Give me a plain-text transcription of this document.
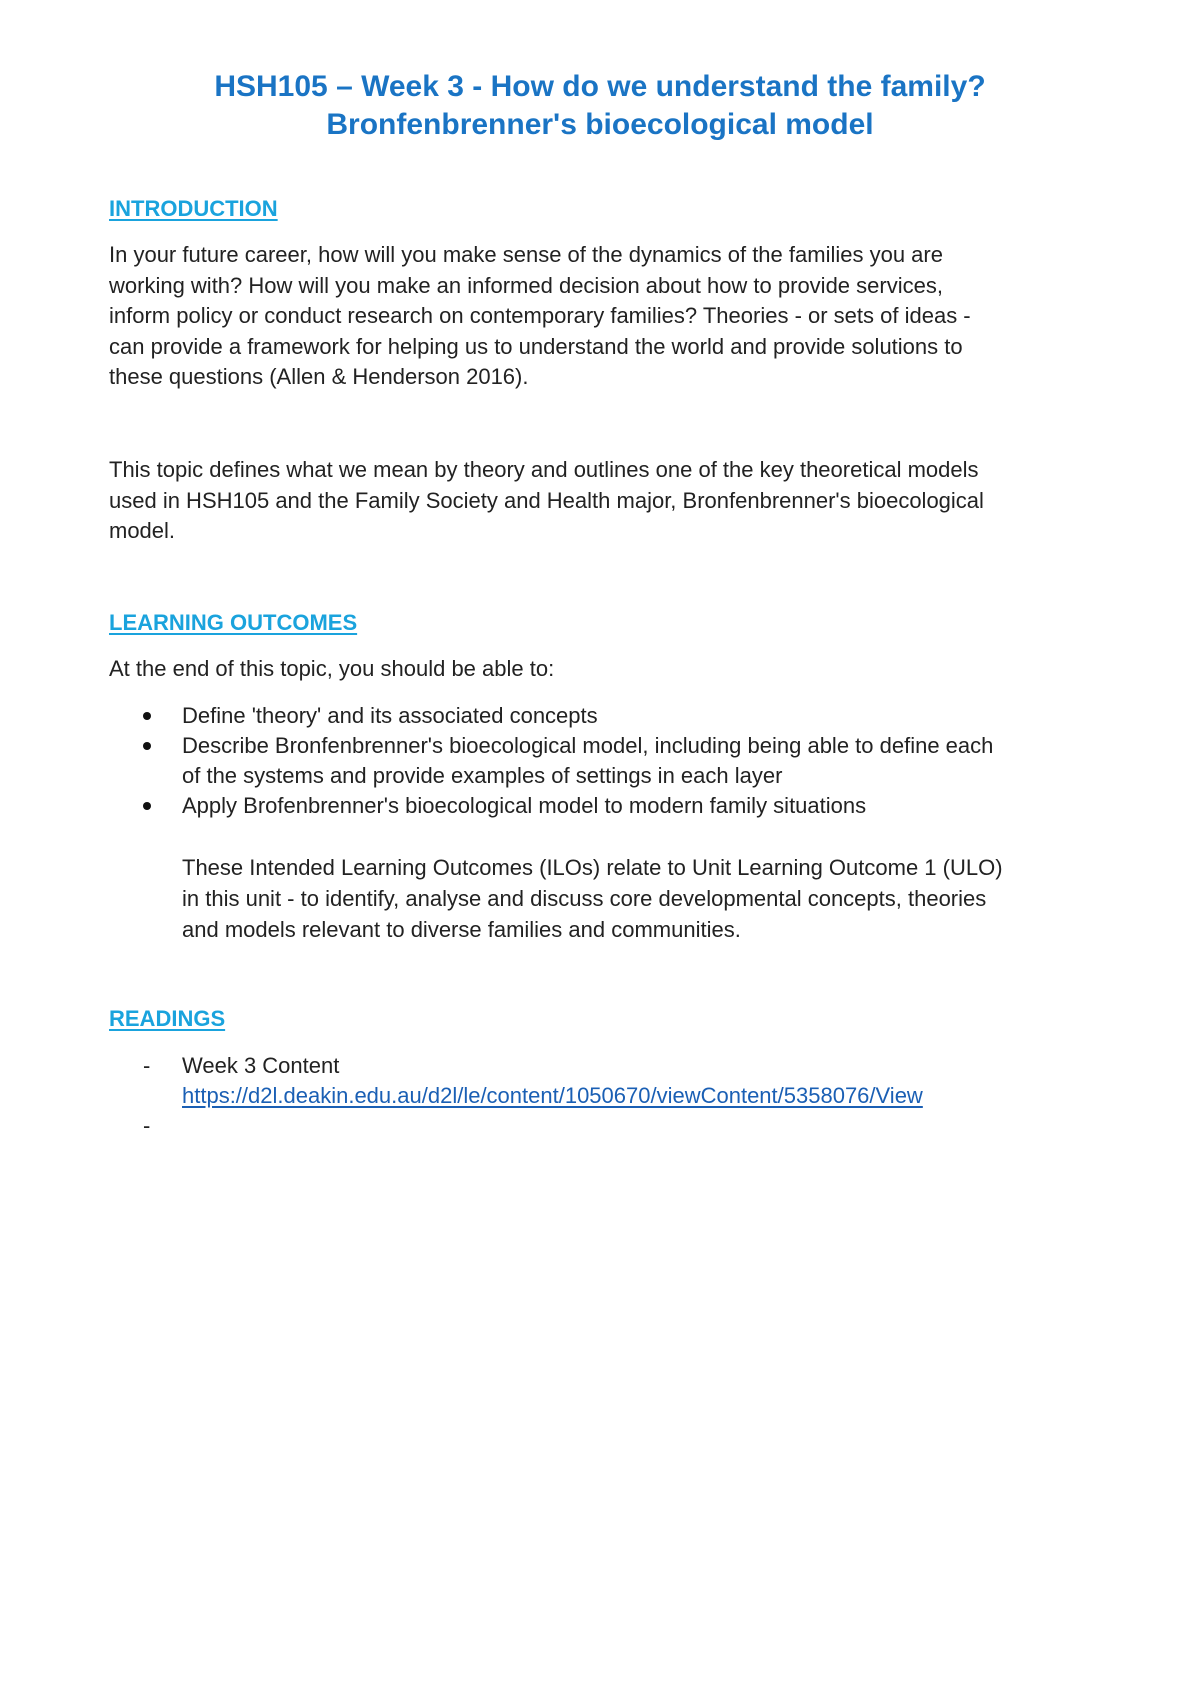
HSH105 – Week 3 - How do we understand the family?
Bronfenbrenner's bioecological model
INTRODUCTION
In your future career, how will you make sense of the dynamics of the families you are
working with? How will you make an informed decision about how to provide services,
inform policy or conduct research on contemporary families? Theories - or sets of ideas -
can provide a framework for helping us to understand the world and provide solutions to
these questions (Allen & Henderson 2016).
This topic defines what we mean by theory and outlines one of the key theoretical models
used in HSH105 and the Family Society and Health major, Bronfenbrenner's bioecological
model.
LEARNING OUTCOMES
At the end of this topic, you should be able to:
Define 'theory' and its associated concepts
Describe Bronfenbrenner's bioecological model, including being able to define each
of the systems and provide examples of settings in each layer
Apply Brofenbrenner's bioecological model to modern family situations
These Intended Learning Outcomes (ILOs) relate to Unit Learning Outcome 1 (ULO)
in this unit - to identify, analyse and discuss core developmental concepts, theories
and models relevant to diverse families and communities.
READINGS
- Week 3 Content
https://d2l.deakin.edu.au/d2l/le/content/1050670/viewContent/5358076/View
-
